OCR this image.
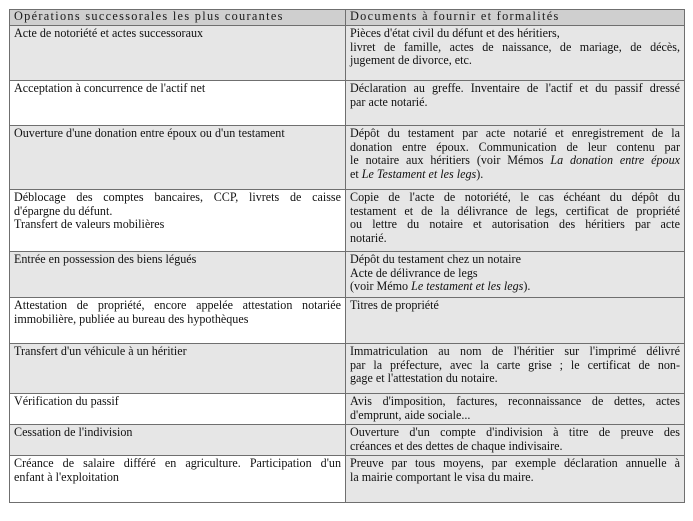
Opérations successorales les plus courantes	Documents à fournir et formalités

Acte de notoriété et actes successoraux	Pièces d'état civil du défunt et des héritiers,
livret de famille, actes de naissance, de mariage, de décès,
jugement de divorce, etc.

Acceptation à concurrence de l'actif net	Déclaration au greffe. Inventaire de l'actif et du passif dressé
par acte notarié.

Ouverture d'une donation entre époux ou d'un testament	Dépôt du testament par acte notarié et enregistrement de la
donation entre époux. Communication de leur contenu par
le notaire aux héritiers (voir Mémos La donation entre époux
et Le Testament et les legs).

Déblocage des comptes bancaires, CCP, livrets de caisse
d'épargne du défunt.
Transfert de valeurs mobilières	Copie de l'acte de notoriété, le cas échéant du dépôt du
testament et de la délivrance de legs, certificat de propriété
ou lettre du notaire et autorisation des héritiers par acte
notarié.

Entrée en possession des biens légués	Dépôt du testament chez un notaire
Acte de délivrance de legs
(voir Mémo Le testament et les legs).

Attestation de propriété, encore appelée attestation notariée
immobilière, publiée au bureau des hypothèques	Titres de propriété

Transfert d'un véhicule à un héritier	Immatriculation au nom de l'héritier sur l'imprimé délivré
par la préfecture, avec la carte grise ; le certificat de non-
gage et l'attestation du notaire.

Vérification du passif	Avis d'imposition, factures, reconnaissance de dettes, actes
d'emprunt, aide sociale...

Cessation de l'indivision	Ouverture d'un compte d'indivision à titre de preuve des
créances et des dettes de chaque indivisaire.

Créance de salaire différé en agriculture. Participation d'un
enfant à l'exploitation	Preuve par tous moyens, par exemple déclaration annuelle à
la mairie comportant le visa du maire.
